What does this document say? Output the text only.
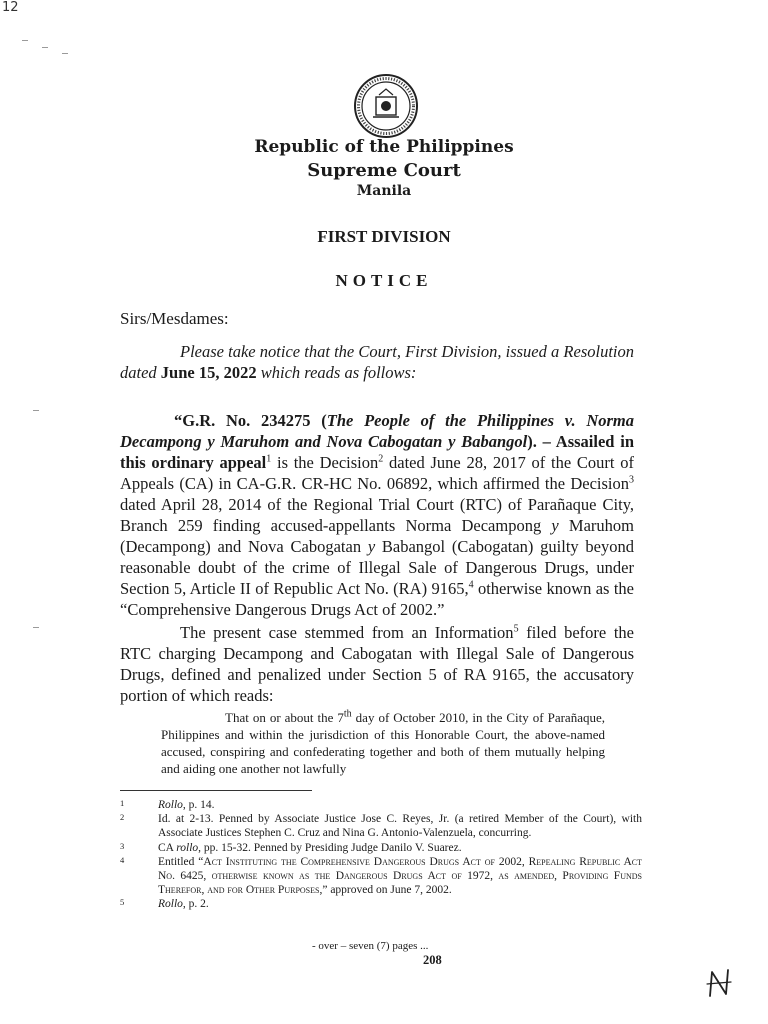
12
Republic of the Philippines
Supreme Court
Manila
FIRST DIVISION
NOTICE
Sirs/Mesdames:

Please take notice that the Court, First Division, issued a Resolution dated June 15, 2022 which reads as follows:

“G.R. No. 234275 (The People of the Philippines v. Norma Decampong y Maruhom and Nova Cabogatan y Babangol). – Assailed in this ordinary appeal$^1$ is the Decision$^2$ dated June 28, 2017 of the Court of Appeals (CA) in CA-G.R. CR-HC No. 06892, which affirmed the Decision$^3$ dated April 28, 2014 of the Regional Trial Court (RTC) of Parañaque City, Branch 259 finding accused-appellants Norma Decampong y Maruhom (Decampong) and Nova Cabogatan y Babangol (Cabogatan) guilty beyond reasonable doubt of the crime of Illegal Sale of Dangerous Drugs, under Section 5, Article II of Republic Act No. (RA) 9165,$^4$ otherwise known as the “Comprehensive Dangerous Drugs Act of 2002.”

The present case stemmed from an Information$^5$ filed before the RTC charging Decampong and Cabogatan with Illegal Sale of Dangerous Drugs, defined and penalized under Section 5 of RA 9165, the accusatory portion of which reads:

That on or about the 7th day of October 2010, in the City of Parañaque, Philippines and within the jurisdiction of this Honorable Court, the above-named accused, conspiring and confederating together and both of them mutually helping and aiding one another not lawfully

1	Rollo, p. 14.
2	Id. at 2-13. Penned by Associate Justice Jose C. Reyes, Jr. (a retired Member of the Court), with Associate Justices Stephen C. Cruz and Nina G. Antonio-Valenzuela, concurring.
3	CA rollo, pp. 15-32. Penned by Presiding Judge Danilo V. Suarez.
4	Entitled “Act Instituting the Comprehensive Dangerous Drugs Act of 2002, Repealing Republic Act No. 6425, otherwise known as the Dangerous Drugs Act of 1972, as amended, Providing Funds Therefor, and for Other Purposes,” approved on June 7, 2002.
5	Rollo, p. 2.
- over – seven (7) pages ...
208
